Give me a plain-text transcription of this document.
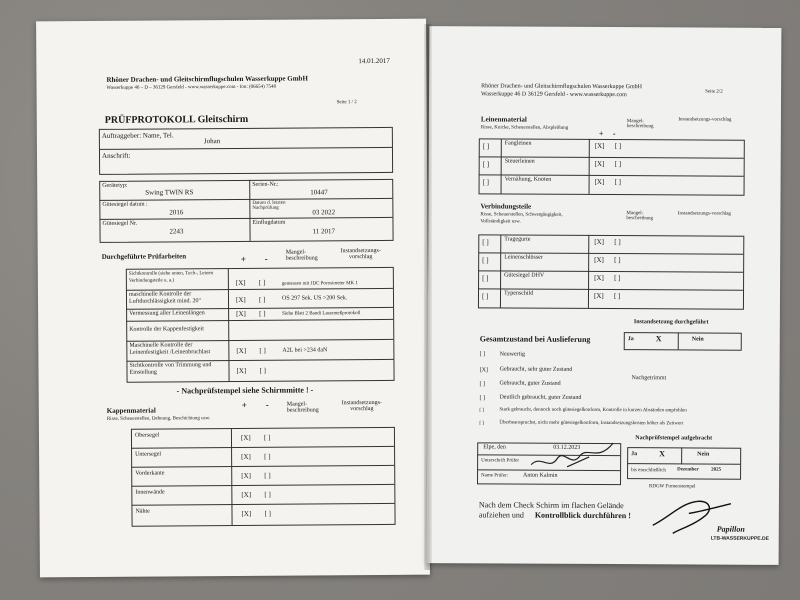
14.01.2017
Rhöner Drachen- und Gleitschirmflugschulen Wasserkuppe GmbH
Wasserkuppe 46 – D – 36129 Gersfeld - www.wasserkuppe.com - fon: (06654) 7548
Seite 1 / 2
PRÜFPROTOKOLL Gleitschirm
Auftraggeber: Name, Tel.
Johan
Anschrift:
Gerätetyp:
Swing TWIN RS
Serien-Nr.:
10447
Gütesiegel datum :
2016
Datum d. letzten Nachprüfung
03 2022
Gütesiegel Nr.
2243
Einflugdatum
11 2017
Durchgeführte Prüfarbeiten	+ -
Mangel-beschreibung
Instandsetzungs-vorschlag
Sichtkontrolle (siehe unten, Tuch-, Leinen Verbindungsteile u. a.)	[X] [ ]	gemessen mit JDC Porosimeter MK 1
maschinelle Kontrolle der Luftdurchlässigkeit mind. 20"	[X] [ ]	OS 297 Sek. US >200 Sek.
Vermessung aller Leinenlängen	[X] [ ]	Siehe Blatt 2 Bandi Lasermeßprotokoll
Kontrolle der Kappenfestigkeit
Maschinelle Kontrolle der Leinenfestigkeit /Leinenbruchlast	[X] [ ]	A2L bei >234 daN
Sichtkontrolle von Trimmung und Einstellung	[X] [ ]
- Nachprüfstempel siehe Schirmmitte ! -
+ -	Mangel-beschreibung
Instandsetzungs-vorschlag
Kappenmaterial
Risse, Scheuerstellen, Dehnung, Beschichtung usw.
Obersegel	[X] [ ]
Untersegel	[X] [ ]
Vorderkante	[X] [ ]
Innenwände	[X] [ ]
Nähte	[X] [ ]
Rhöner Drachen- und Gleitschirmflugschulen Wasserkuppe GmbH
Wasserkuppe 46 D 36129 Gersfeld - www.wasserkuppe.com	Seite 2/2
Leinenmaterial
Risse, Knicke, Scheuerstellen, Abspleißung
+ -
Mangel-beschreibung
Instandsetzungs-vorschlag
[ ]	Fangleinen	[X] [ ]
[ ]	Steuerleinen	[X] [ ]
[ ]	Vernähung, Knoten	[X] [ ]
Verbindungsteile
Risse, Scheuerstellen, Schwergängigkeit, Vollständigkeit usw.
Mangel-beschreibung
Instandsetzungs-vorschlag
[ ]	Tragegurte	[X] [ ]
[ ]	Leinenschlösser	[X] [ ]
[ ]	Gütesiegel DHV	[X] [ ]
[ ]	Typenschild	[X] [ ]
Instandsetzung durchgeführt
Ja	X	Nein
Gesamtzustand bei Auslieferung
[ ] Neuwertig
[X] Gebraucht, sehr guter Zustand
[ ] Gebraucht, guter Zustand
Nachgetrimmt
[ ] Deutlich gebraucht, guter Zustand
[ ]	Stark gebraucht, dennoch noch gütesiegelkonform, Kontrolle in kurzen Abständen empfohlen
[ ]	Überbeanspruchst, nicht mehr gütesiegelkonform, Instandsetzungskosten höher als Zeitwert
Elpe, den	03.12.2023
Unterschrift Prüfer
Name Prüfer: Anton Kalmin
Nachprüfstempel aufgebracht
Ja	X	Nein
bis einschließlich Dezember 2025
RDGW Firmenstempel
Nach dem Check Schirm im flachen Gelände
aufziehen und Kontrollblick durchführen !
Papillon
LTB-WASSERKUPPE.DE
